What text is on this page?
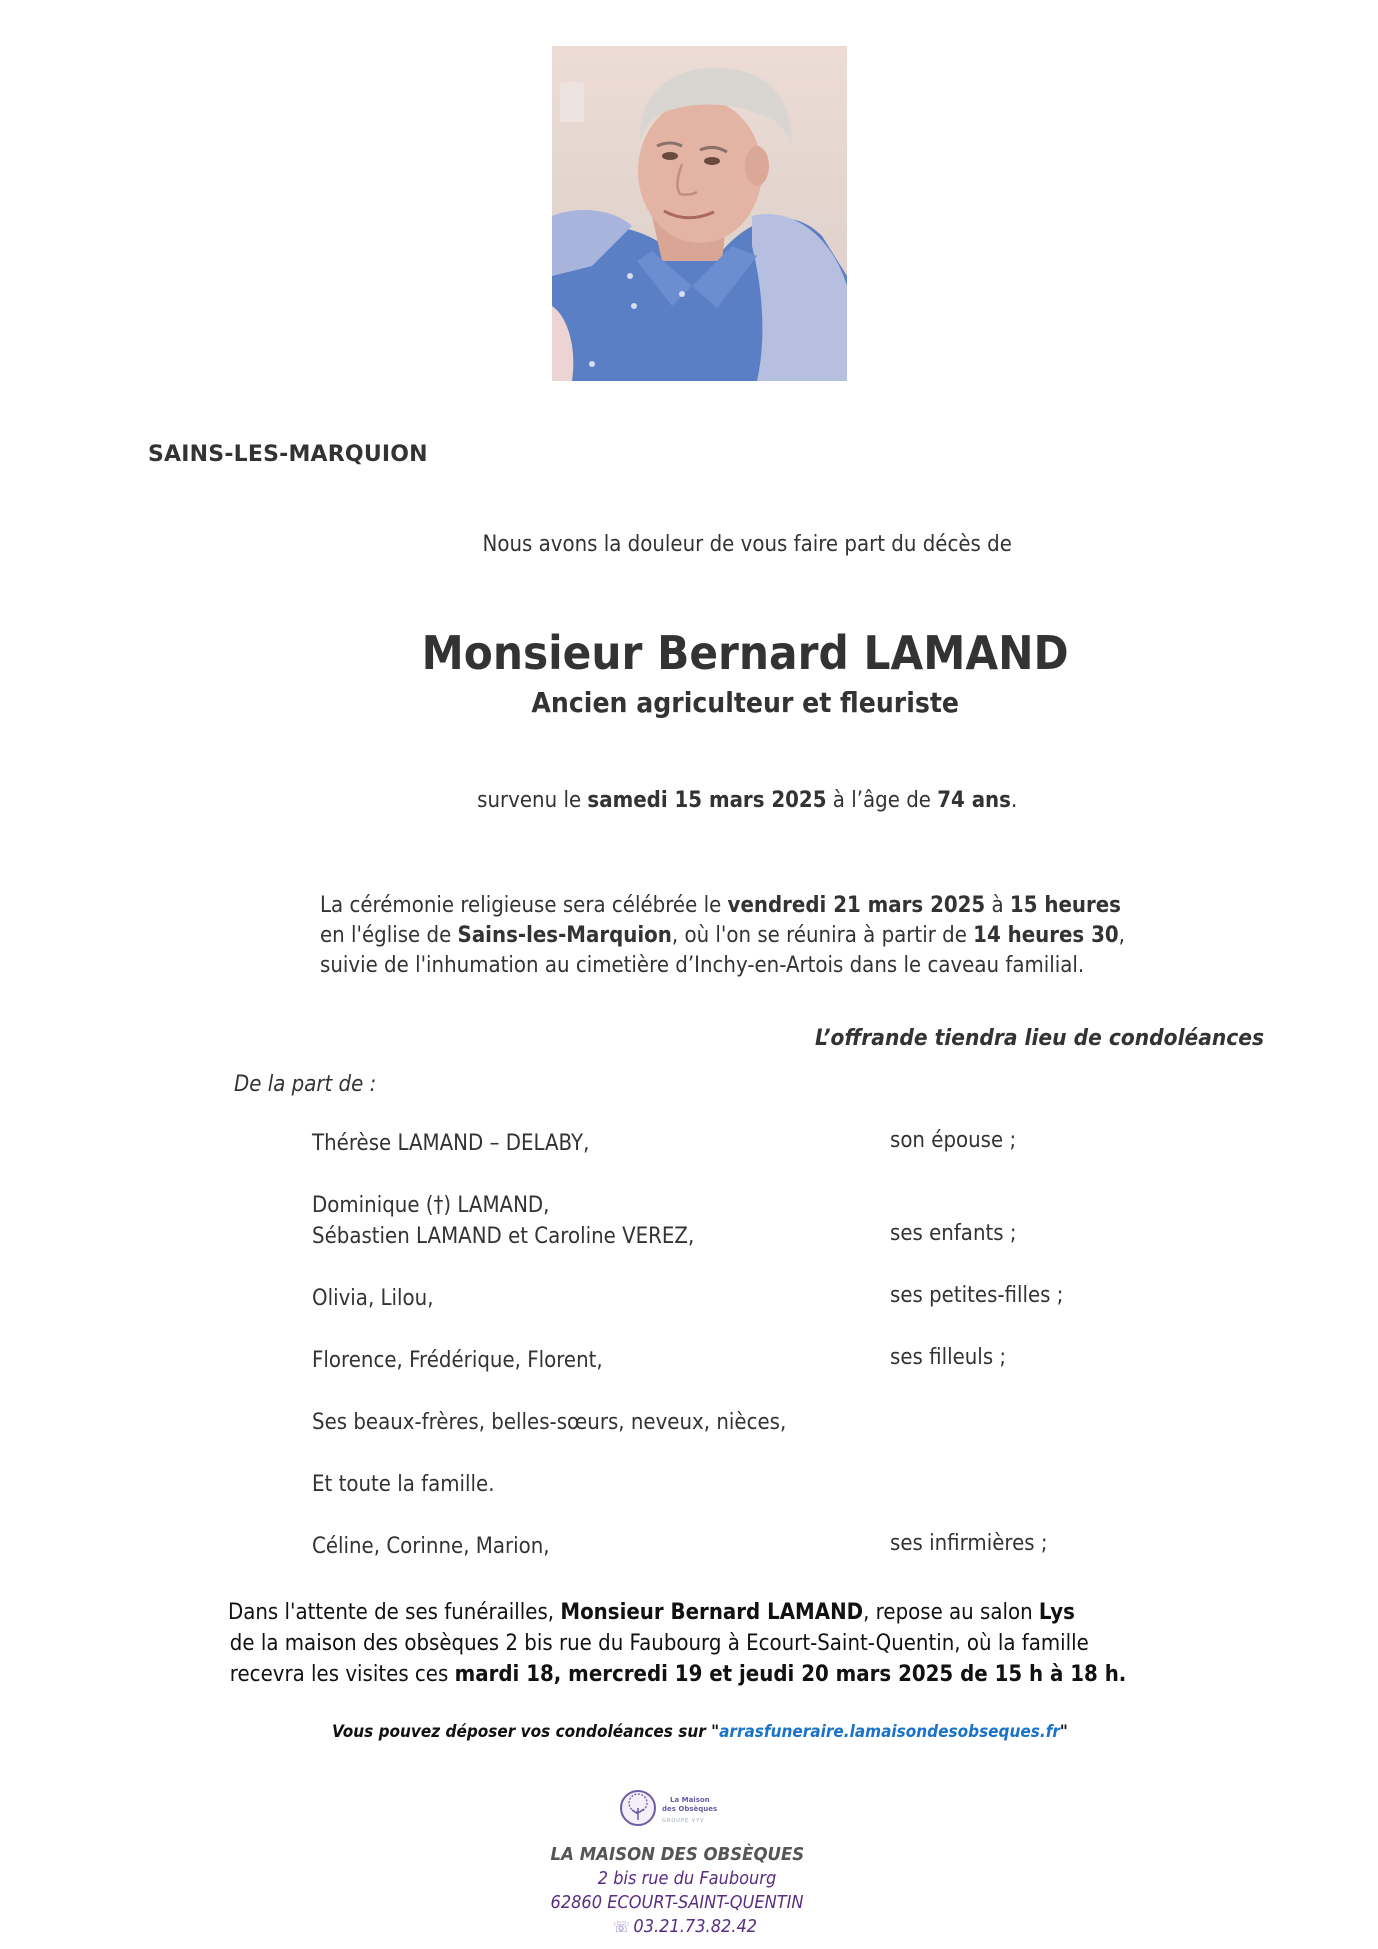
SAINS-LES-MARQUION
Nous avons la douleur de vous faire part du décès de
Monsieur Bernard LAMAND
Ancien agriculteur et fleuriste
survenu le samedi 15 mars 2025 à l’âge de 74 ans.
La cérémonie religieuse sera célébrée le vendredi 21 mars 2025 à 15 heures
en l'église de Sains-les-Marquion, où l'on se réunira à partir de 14 heures 30,
suivie de l'inhumation au cimetière d’Inchy-en-Artois dans le caveau familial.
L’offrande tiendra lieu de condoléances
De la part de :
Thérèse LAMAND – DELABY,	son épouse ;
Dominique (†) LAMAND,
Sébastien LAMAND et Caroline VEREZ,	ses enfants ;
Olivia, Lilou,	ses petites-filles ;
Florence, Frédérique, Florent,	ses filleuls ;
Ses beaux-frères, belles-sœurs, neveux, nièces,
Et toute la famille.
Céline, Corinne, Marion,	ses infirmières ;
Dans l'attente de ses funérailles, Monsieur Bernard LAMAND, repose au salon Lys
de la maison des obsèques 2 bis rue du Faubourg à Ecourt-Saint-Quentin, où la famille
recevra les visites ces mardi 18, mercredi 19 et jeudi 20 mars 2025 de 15 h à 18 h.
Vous pouvez déposer vos condoléances sur "arrasfuneraire.lamaisondesobseques.fr"
La Maison
des Obsèques
GROUPE VYV
LA MAISON DES OBSÈQUES
2 bis rue du Faubourg
62860 ECOURT-SAINT-QUENTIN
☏ 03.21.73.82.42
